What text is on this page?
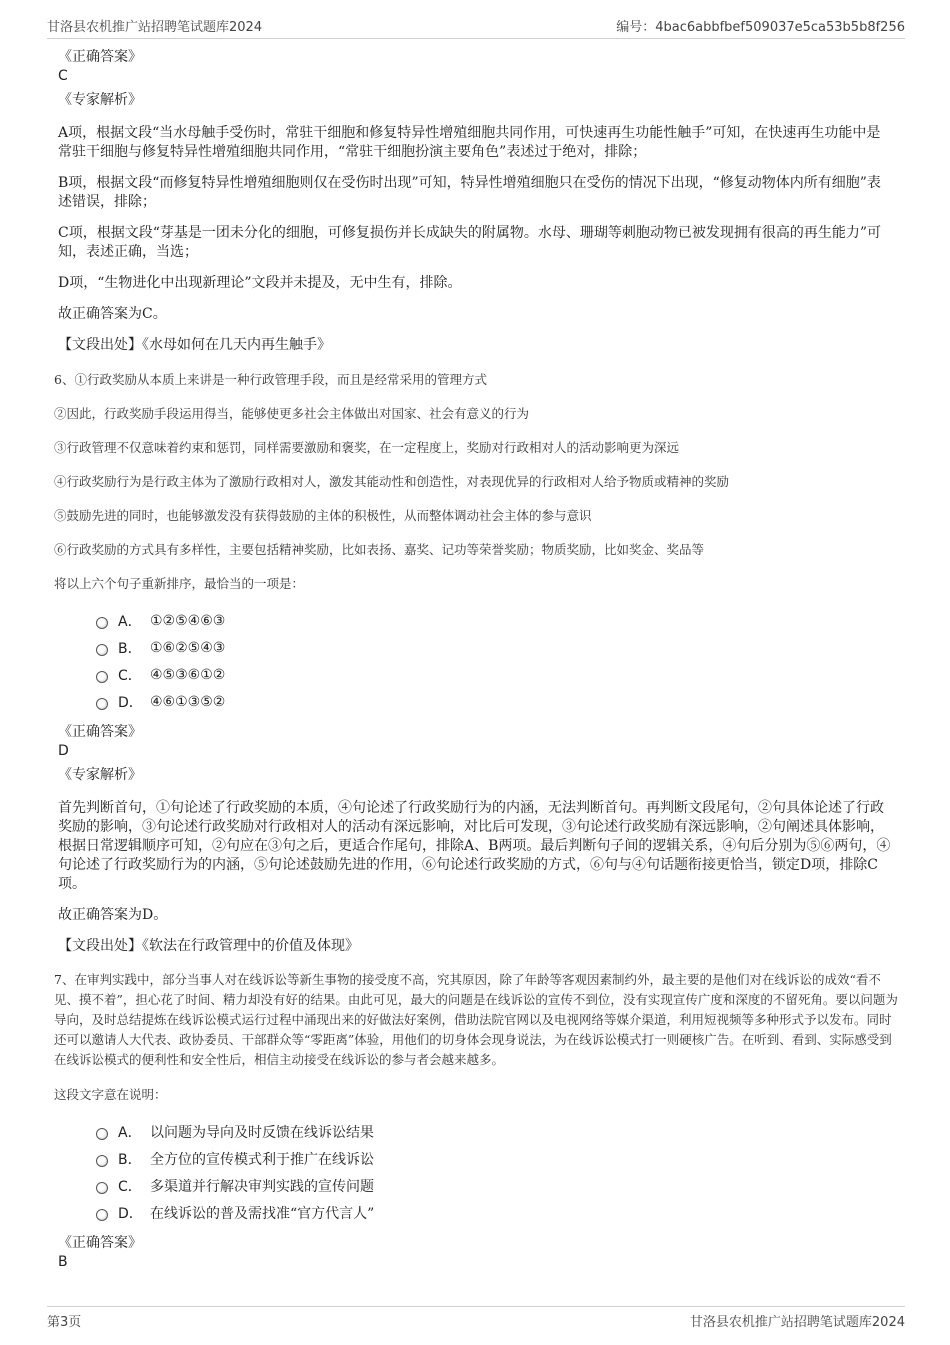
甘洛县农机推广站招聘笔试题库2024	编号：4bac6abbfbef509037e5ca53b5b8f256
《正确答案》
C
《专家解析》
A项，根据文段“当水母触手受伤时，常驻干细胞和修复特异性增殖细胞共同作用，可快速再生功能性触手”可知，在快速再生功能中是常驻干细胞与修复特异性增殖细胞共同作用，“常驻干细胞扮演主要角色”表述过于绝对，排除；
B项，根据文段“而修复特异性增殖细胞则仅在受伤时出现”可知，特异性增殖细胞只在受伤的情况下出现，“修复动物体内所有细胞”表述错误，排除；
C项，根据文段“芽基是一团未分化的细胞，可修复损伤并长成缺失的附属物。水母、珊瑚等刺胞动物已被发现拥有很高的再生能力”可知，表述正确，当选；
D项，“生物进化中出现新理论”文段并未提及，无中生有，排除。
故正确答案为C。
【文段出处】《水母如何在几天内再生触手》
6、①行政奖励从本质上来讲是一种行政管理手段，而且是经常采用的管理方式
②因此，行政奖励手段运用得当，能够使更多社会主体做出对国家、社会有意义的行为
③行政管理不仅意味着约束和惩罚，同样需要激励和褒奖，在一定程度上，奖励对行政相对人的活动影响更为深远
④行政奖励行为是行政主体为了激励行政相对人，激发其能动性和创造性，对表现优异的行政相对人给予物质或精神的奖励
⑤鼓励先进的同时，也能够激发没有获得鼓励的主体的积极性，从而整体调动社会主体的参与意识
⑥行政奖励的方式具有多样性，主要包括精神奖励，比如表扬、嘉奖、记功等荣誉奖励；物质奖励，比如奖金、奖品等
将以上六个句子重新排序，最恰当的一项是：
A． ①②⑤④⑥③
B． ①⑥②⑤④③
C． ④⑤③⑥①②
D． ④⑥①③⑤②
《正确答案》
D
《专家解析》
首先判断首句，①句论述了行政奖励的本质，④句论述了行政奖励行为的内涵，无法判断首句。再判断文段尾句，②句具体论述了行政奖励的影响，③句论述行政奖励对行政相对人的活动有深远影响，对比后可发现，③句论述行政奖励有深远影响，②句阐述具体影响，根据日常逻辑顺序可知，②句应在③句之后，更适合作尾句，排除A、B两项。最后判断句子间的逻辑关系，④句后分别为⑤⑥两句，④句论述了行政奖励行为的内涵，⑤句论述鼓励先进的作用，⑥句论述行政奖励的方式，⑥句与④句话题衔接更恰当，锁定D项，排除C项。
故正确答案为D。
【文段出处】《软法在行政管理中的价值及体现》
7、在审判实践中，部分当事人对在线诉讼等新生事物的接受度不高，究其原因，除了年龄等客观因素制约外，最主要的是他们对在线诉讼的成效“看不见、摸不着”，担心花了时间、精力却没有好的结果。由此可见，最大的问题是在线诉讼的宣传不到位，没有实现宣传广度和深度的不留死角。要以问题为导向，及时总结提炼在线诉讼模式运行过程中涌现出来的好做法好案例，借助法院官网以及电视网络等媒介渠道，利用短视频等多种形式予以发布。同时还可以邀请人大代表、政协委员、干部群众等“零距离”体验，用他们的切身体会现身说法，为在线诉讼模式打一则硬核广告。在听到、看到、实际感受到在线诉讼模式的便利性和安全性后，相信主动接受在线诉讼的参与者会越来越多。
这段文字意在说明：
A． 以问题为导向及时反馈在线诉讼结果
B． 全方位的宣传模式利于推广在线诉讼
C． 多渠道并行解决审判实践的宣传问题
D． 在线诉讼的普及需找准“官方代言人”
《正确答案》
B
第3页	甘洛县农机推广站招聘笔试题库2024
